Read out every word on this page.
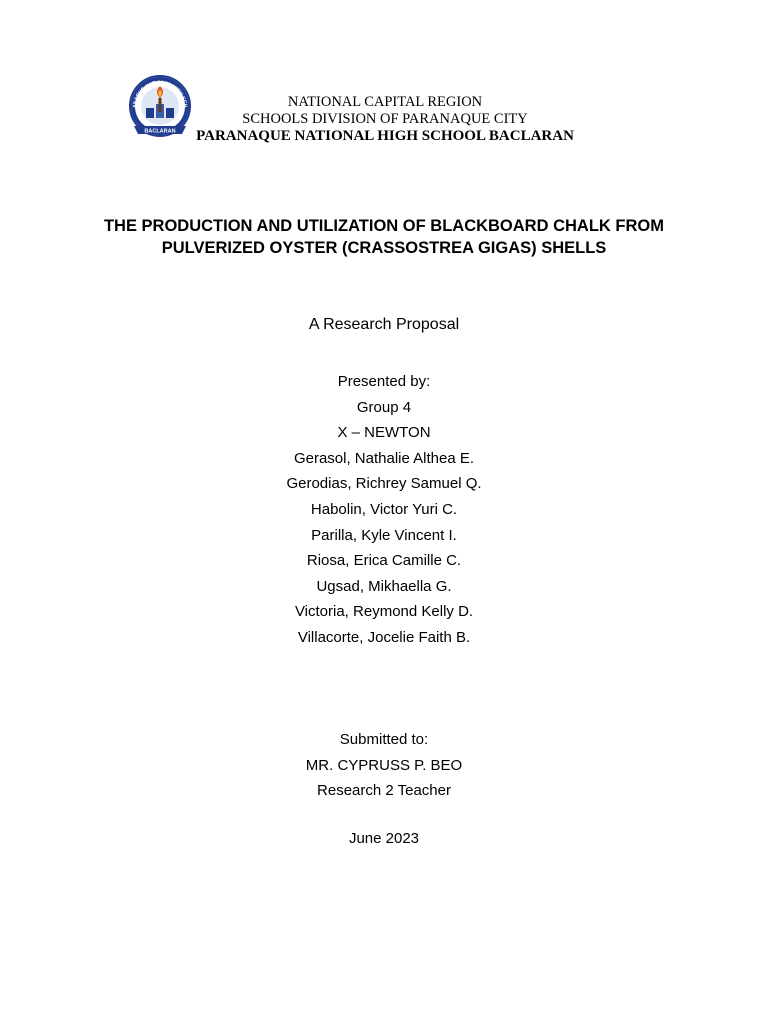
ANAQUE NATIONAL HIGH SCH
BACLARAN
NATIONAL CAPITAL REGION
SCHOOLS DIVISION OF PARANAQUE CITY
PARANAQUE NATIONAL HIGH SCHOOL BACLARAN
THE PRODUCTION AND UTILIZATION OF BLACKBOARD CHALK FROM
PULVERIZED OYSTER (CRASSOSTREA GIGAS) SHELLS
A Research Proposal
Presented by:
Group 4
X – NEWTON
Gerasol, Nathalie Althea E.
Gerodias, Richrey Samuel Q.
Habolin, Victor Yuri C.
Parilla, Kyle Vincent I.
Riosa, Erica Camille C.
Ugsad, Mikhaella G.
Victoria, Reymond Kelly D.
Villacorte, Jocelie Faith B.
Submitted to:
MR. CYPRUSS P. BEO
Research 2 Teacher
June 2023
